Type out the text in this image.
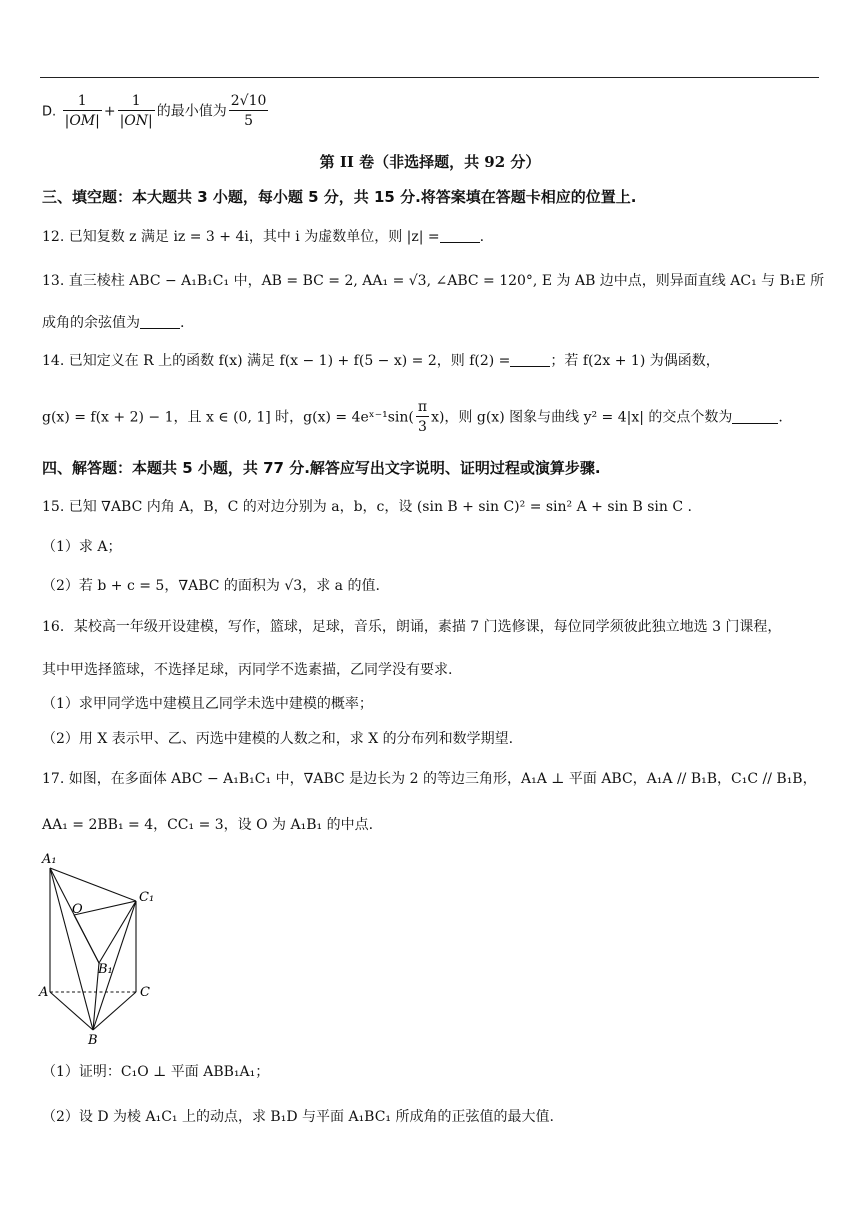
D. $\frac{1}{|OM|} + \frac{1}{|ON|}$ 的最小值为 $\frac{2√10}{5}$
第 II 卷（非选择题，共 92 分）
三、填空题：本大题共 3 小题，每小题 5 分，共 15 分.将答案填在答题卡相应的位置上.
12. 已知复数 z 满足 iz = 3 + 4i，其中 i 为虚数单位，则 |z| =	.
13. 直三棱柱 ABC − A₁B₁C₁ 中，AB = BC = 2, AA₁ = √3, ∠ABC = 120°, E 为 AB 边中点，则异面直线 AC₁ 与 B₁E 所
成角的余弦值为	.
14. 已知定义在 R 上的函数 f(x) 满足 f(x − 1) + f(5 − x) = 2，则 f(2) =	；若 f(2x + 1) 为偶函数，
g(x) = f(x + 2) − 1，且 x ∈ (0, 1] 时，g(x) = 4eˣ⁻¹sin( $\frac{\pi}{3} x$)，则 g(x) 图象与曲线 y² = 4|x| 的交点个数为	.
四、解答题：本题共 5 小题，共 77 分.解答应写出文字说明、证明过程或演算步骤.
15. 已知 ∇ABC 内角 A，B，C 的对边分别为 a，b，c，设 (sin B + sin C)² = sin² A + sin B sin C .
（1）求 A；
（2）若 b + c = 5，∇ABC 的面积为 √3，求 a 的值.
16．某校高一年级开设建模，写作，篮球，足球，音乐，朗诵，素描 7 门选修课，每位同学须彼此独立地选 3 门课程，
其中甲选择篮球，不选择足球，丙同学不选素描，乙同学没有要求.
（1）求甲同学选中建模且乙同学未选中建模的概率；
（2）用 X 表示甲、乙、丙选中建模的人数之和，求 X 的分布列和数学期望.
17. 如图，在多面体 ABC − A₁B₁C₁ 中，∇ABC 是边长为 2 的等边三角形，A₁A ⊥ 平面 ABC，A₁A // B₁B，C₁C // B₁B，
AA₁ = 2BB₁ = 4，CC₁ = 3，设 O 为 A₁B₁ 的中点.
A₁
C₁
O
B₁
A	C
B
（1）证明：C₁O ⊥ 平面 ABB₁A₁；
（2）设 D 为棱 A₁C₁ 上的动点，求 B₁D 与平面 A₁BC₁ 所成角的正弦值的最大值.
